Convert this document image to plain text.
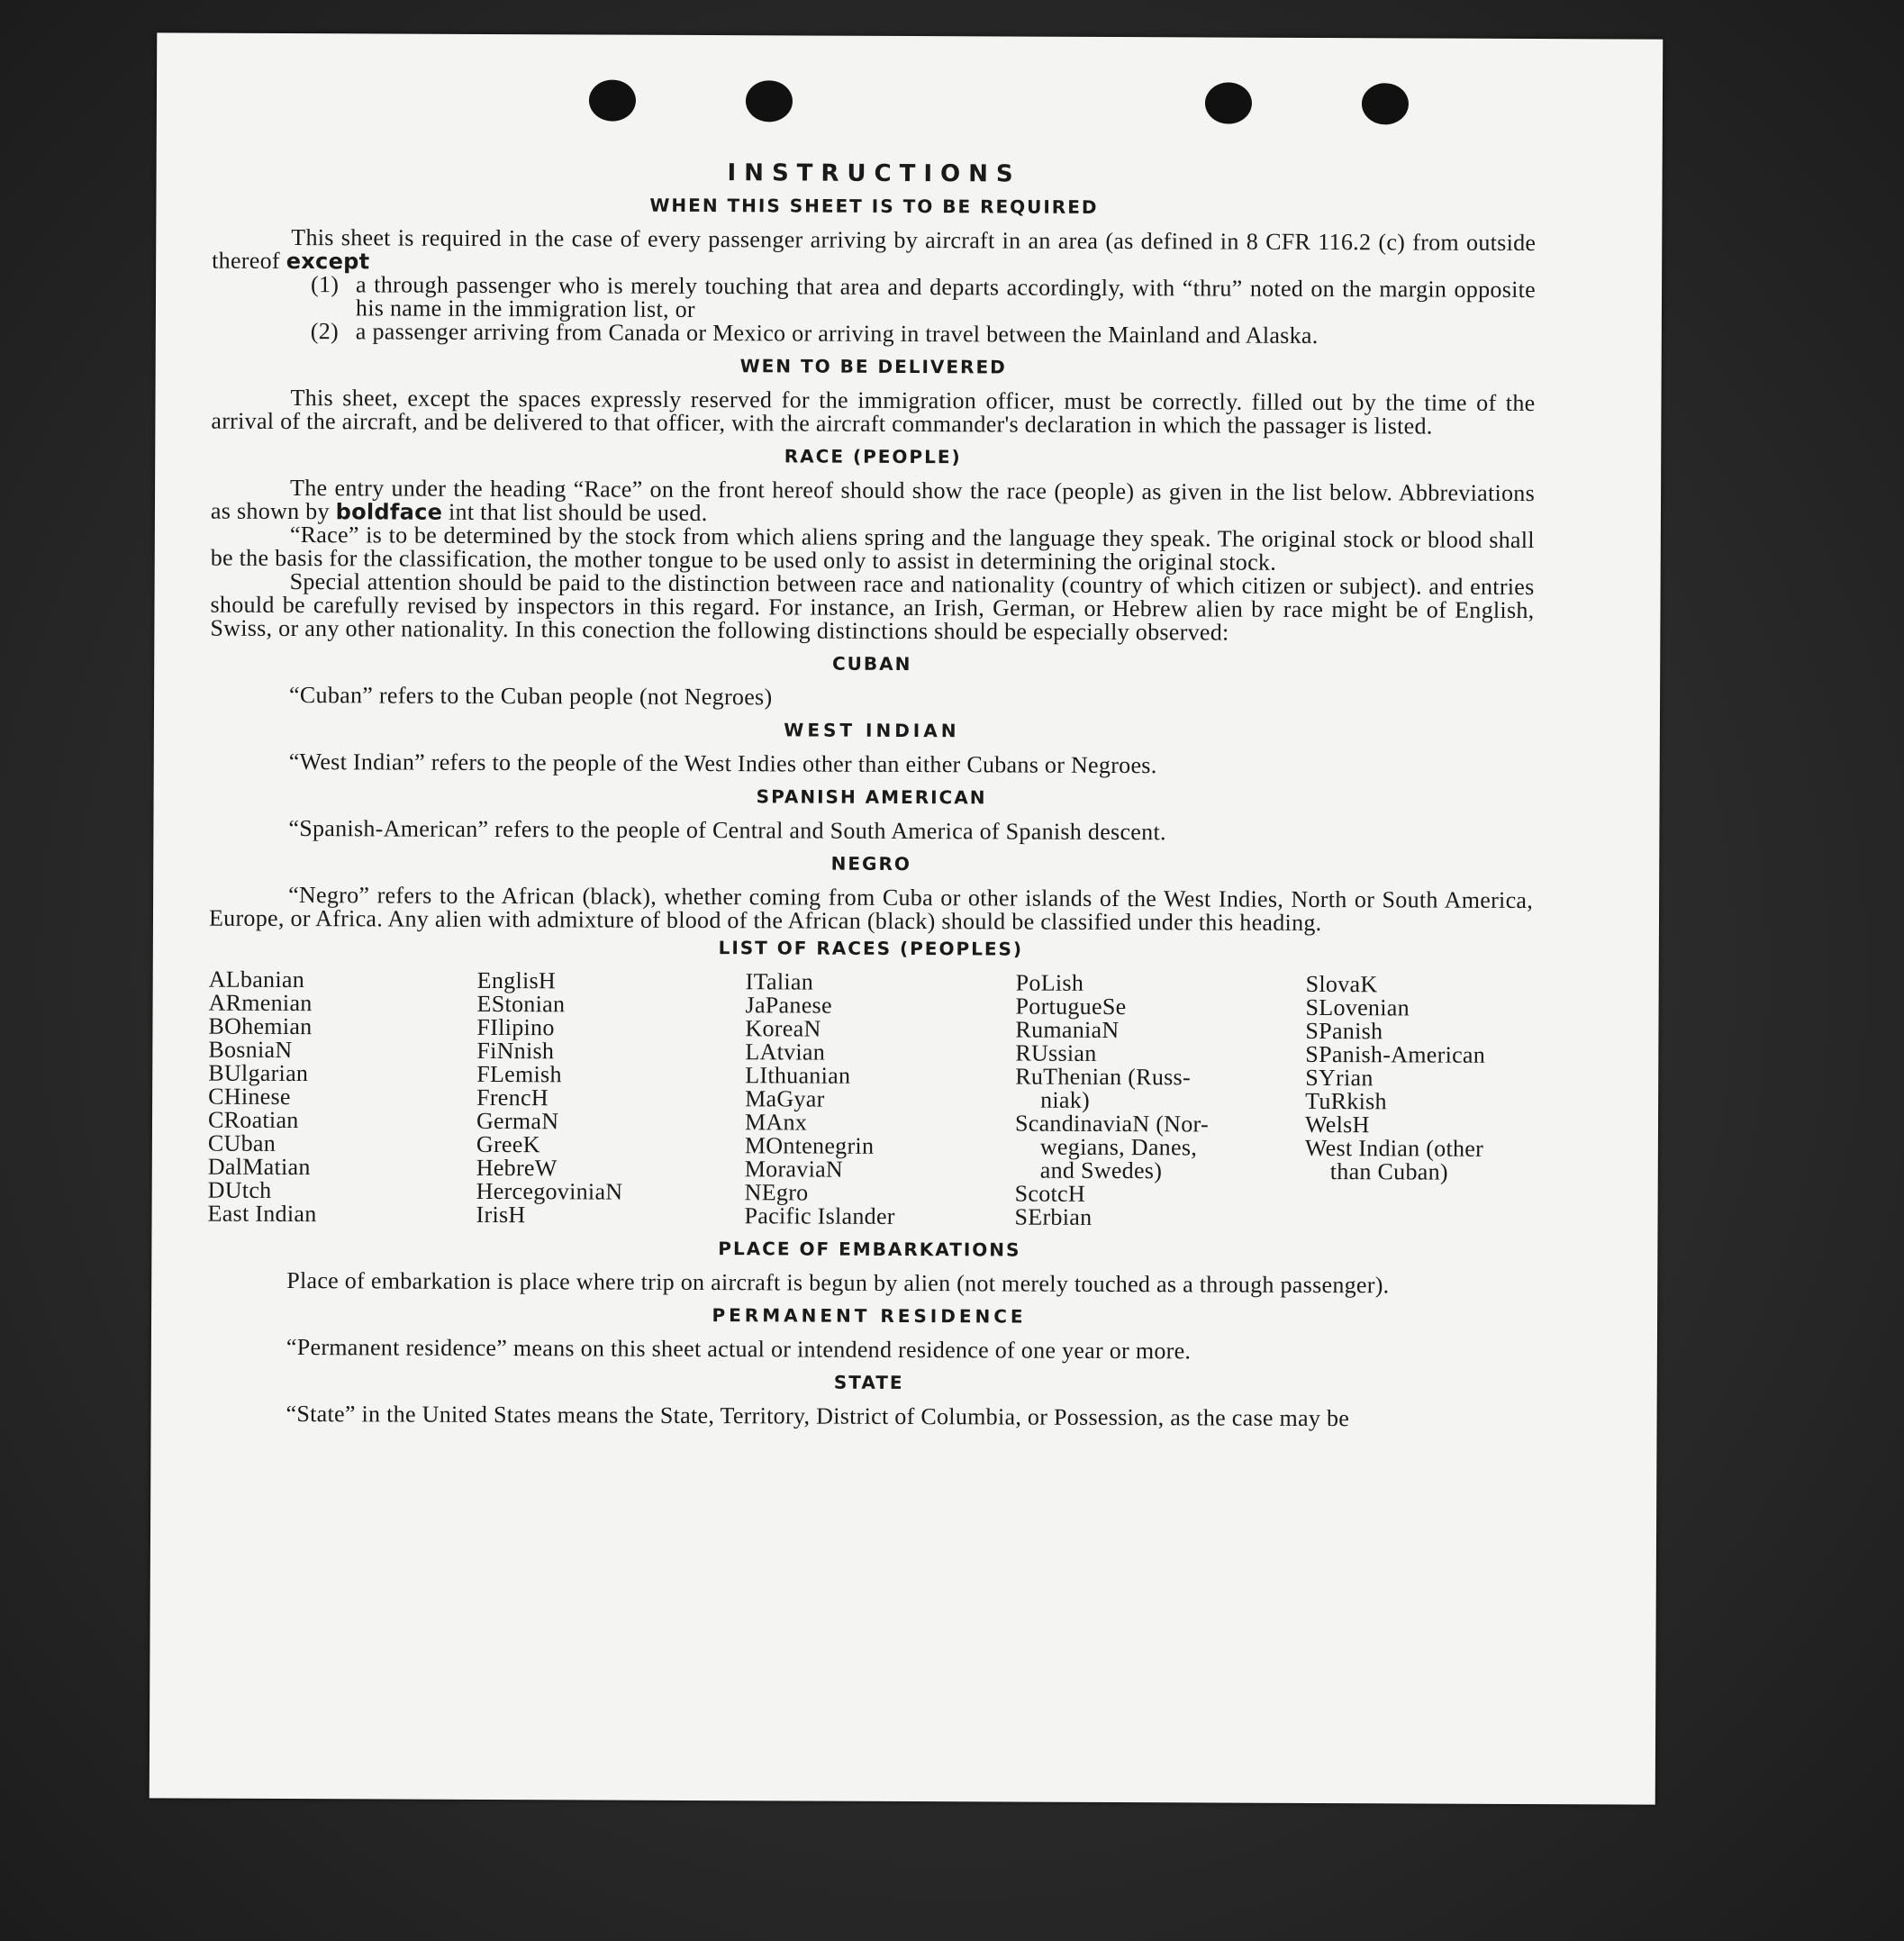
INSTRUCTIONS
WHEN THIS SHEET IS TO BE REQUIRED

This sheet is required in the case of every passenger arriving by aircraft in an area (as defined in 8 CFR 116.2 (c) from outside thereof except

(1) a through passenger who is merely touching that area and departs accordingly, with “thru” noted on the margin opposite his name in the immigration list, or
(2) a passenger arriving from Canada or Mexico or arriving in travel between the Mainland and Alaska.
WEN TO BE DELIVERED

This sheet, except the spaces expressly reserved for the immigration officer, must be correctly. filled out by the time of the arrival of the aircraft, and be delivered to that officer, with the aircraft commander's declaration in which the passager is listed.

RACE (PEOPLE)

The entry under the heading “Race” on the front hereof should show the race (people) as given in the list below. Abbreviations as shown by boldface int that list should be used.

“Race” is to be determined by the stock from which aliens spring and the language they speak. The original stock or blood shall be the basis for the classification, the mother tongue to be used only to assist in determining the original stock.

Special attention should be paid to the distinction between race and nationality (country of which citizen or subject). and entries should be carefully revised by inspectors in this regard. For instance, an Irish, German, or Hebrew alien by race might be of English, Swiss, or any other nationality. In this conection the following distinctions should be especially observed:

CUBAN

“Cuban” refers to the Cuban people (not Negroes)

WEST INDIAN

“West Indian” refers to the people of the West Indies other than either Cubans or Negroes.

SPANISH AMERICAN

“Spanish-American” refers to the people of Central and South America of Spanish descent.

NEGRO

“Negro” refers to the African (black), whether coming from Cuba or other islands of the West Indies, North or South America, Europe, or Africa. Any alien with admixture of blood of the African (black) should be classified under this heading.

LIST OF RACES (PEOPLES)
ALbanian
ARmenian
BOhemian
BosniaN
BUlgarian
CHinese
CRoatian
CUban
DalMatian
DUtch
East Indian
EnglisH
EStonian
FIlipino
FiNnish
FLemish
FrencH
GermaN
GreeK
HebreW
HercegoviniaN
IrisH
ITalian
JaPanese
KoreaN
LAtvian
LIthuanian
MaGyar
MAnx
MOntenegrin
MoraviaN
NEgro
Pacific Islander
PoLish
PortugueSe
RumaniaN
RUssian
RuThenian (Russ-
niak)
ScandinaviaN (Nor-
wegians, Danes,
and Swedes)
ScotcH
SErbian
SlovaK
SLovenian
SPanish
SPanish-American
SYrian
TuRkish
WelsH
West Indian (other
than Cuban)
PLACE OF EMBARKATIONS

Place of embarkation is place where trip on aircraft is begun by alien (not merely touched as a through passenger).

PERMANENT RESIDENCE

“Permanent residence” means on this sheet actual or intendend residence of one year or more.

STATE

“State” in the United States means the State, Territory, District of Columbia, or Possession, as the case may be
